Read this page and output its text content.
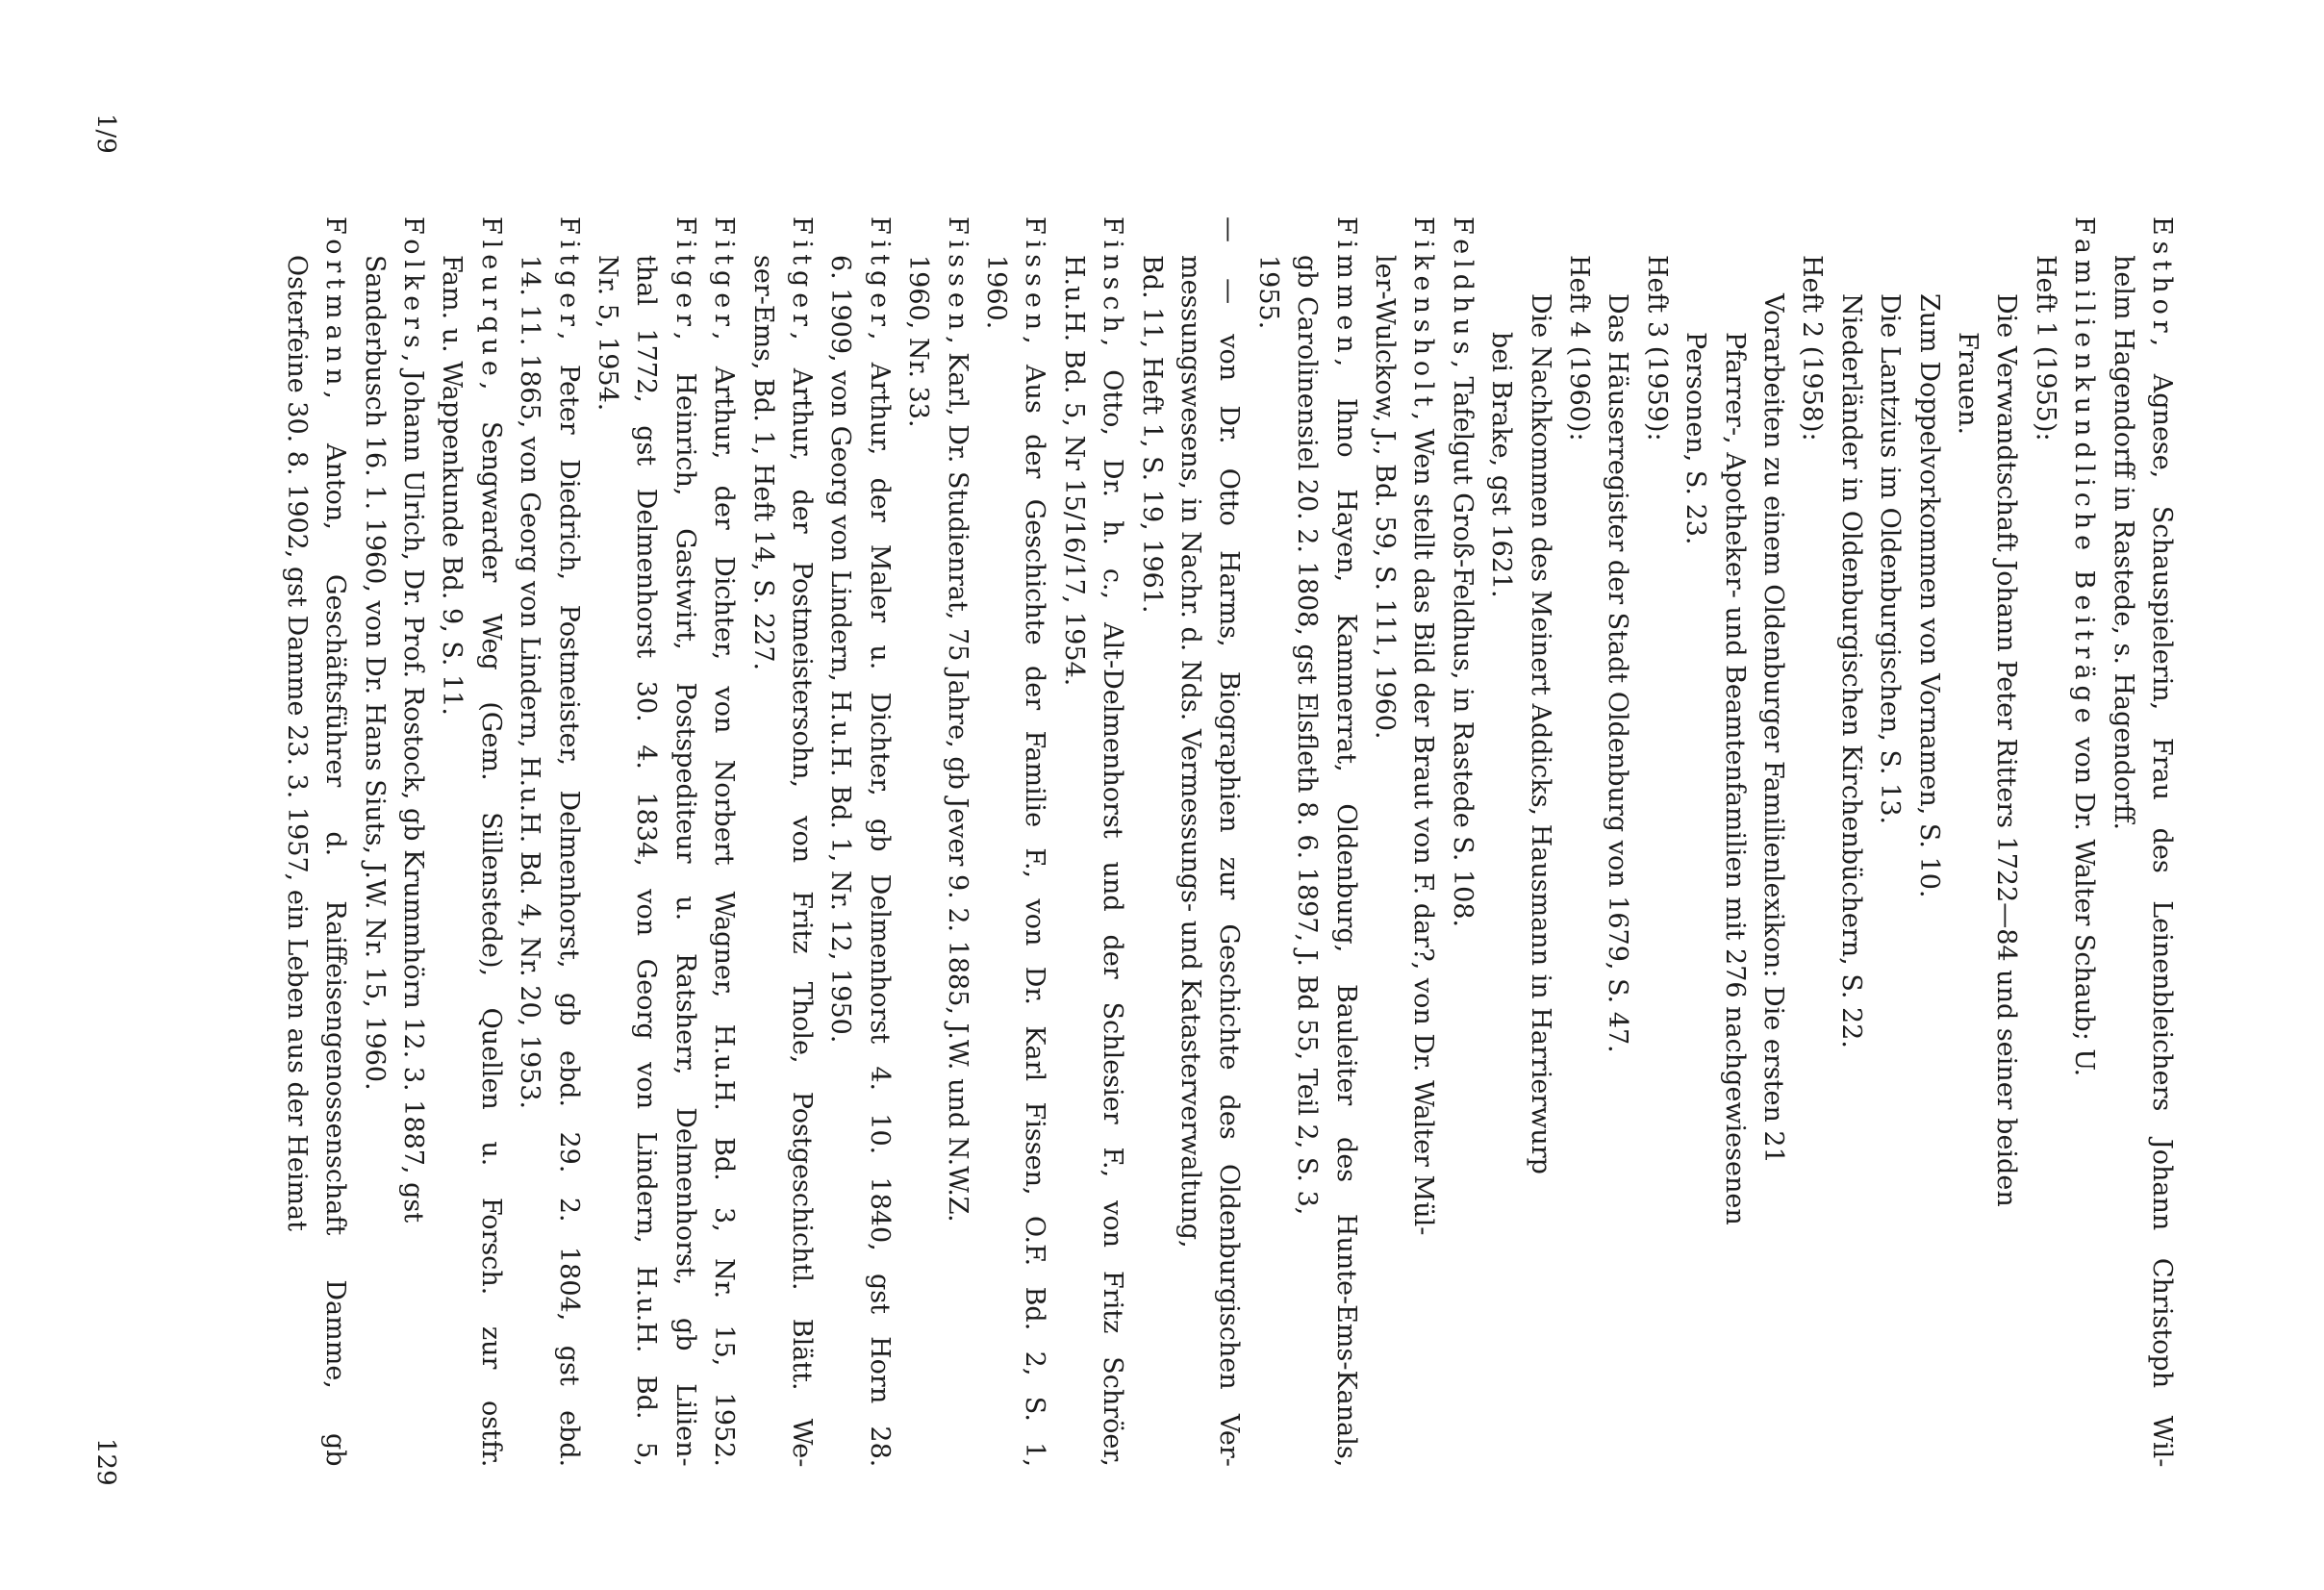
Esthor, Agnese, Schauspielerin, Frau des Leinenbleichers Johann Christoph Wil-
helm Hagendorff in Rastede, s. Hagendorff.
Familienkundliche Beiträge von Dr. Walter Schaub; U.
Heft 1 (1955):
Die Verwandtschaft Johann Peter Ritters 1722—84 und seiner beiden
Frauen.
Zum Doppelvorkommen von Vornamen, S. 10.
Die Lantzius im Oldenburgischen, S. 13.
Niederländer in Oldenburgischen Kirchenbüchern, S. 22.
Heft 2 (1958):
Vorarbeiten zu einem Oldenburger Familienlexikon: Die ersten 21
Pfarrer-, Apotheker- und Beamtenfamilien mit 276 nachgewiesenen
Personen, S. 23.
Heft 3 (1959):
Das Häuserregister der Stadt Oldenburg von 1679, S. 47.
Heft 4 (1960):
Die Nachkommen des Meinert Addicks, Hausmann in Harrierwurp
bei Brake, gst 1621.
Feldhus, Tafelgut Groß-Feldhus, in Rastede S. 108.
Fikensholt, Wen stellt das Bild der Braut von F. dar?, von Dr. Walter Mül-
ler-Wulckow, J., Bd. 59, S. 111, 1960.
Fimmen, Ihno Hayen, Kammerrat, Oldenburg, Bauleiter des Hunte-Ems-Kanals,
gb Carolinensiel 20. 2. 1808, gst Elsfleth 8. 6. 1897, J. Bd 55, Teil 2, S. 3,
1955.
— — von Dr. Otto Harms, Biographien zur Geschichte des Oldenburgischen Ver-
messungswesens, in Nachr. d. Nds. Vermessungs- und Katasterverwaltung,
Bd. 11, Heft 1, S. 19, 1961.
Finsch, Otto, Dr. h. c., Alt-Delmenhorst und der Schlesier F., von Fritz Schröer,
H.u.H. Bd. 5, Nr 15/16/17, 1954.
Fissen, Aus der Geschichte der Familie F., von Dr. Karl Fissen, O.F. Bd. 2, S. 1,
1960.
Fissen, Karl, Dr. Studienrat, 75 Jahre, gb Jever 9. 2. 1885, J.W. und N.W.Z.
1960, Nr. 33.
Fitger, Arthur, der Maler u. Dichter, gb Delmenhorst 4. 10. 1840, gst Horn 28.
6. 1909, von Georg von Lindern, H.u.H. Bd. 1, Nr. 12, 1950.
Fitger, Arthur, der Postmeistersohn, von Fritz Thole, Postgeschichtl. Blätt. We-
ser-Ems, Bd. 1, Heft 14, S. 227.
Fitger, Arthur, der Dichter, von Norbert Wagner, H.u.H. Bd. 3, Nr. 15, 1952.
Fitger, Heinrich, Gastwirt, Postspediteur u. Ratsherr, Delmenhorst, gb Lilien-
thal 1772, gst Delmenhorst 30. 4. 1834, von Georg von Lindern, H.u.H. Bd. 5,
Nr. 5, 1954.
Fitger, Peter Diedrich, Postmeister, Delmenhorst, gb ebd. 29. 2. 1804, gst ebd.
14. 11. 1865, von Georg von Lindern, H.u.H. Bd. 4, Nr. 20, 1953.
Fleurque, Sengwarder Weg (Gem. Sillenstede), Quellen u. Forsch. zur ostfr.
Fam. u. Wappenkunde Bd. 9, S. 11.
Folkers, Johann Ulrich, Dr. Prof. Rostock, gb Krummhörn 12. 3. 1887, gst
Sanderbusch 16. 1. 1960, von Dr. Hans Siuts, J.W. Nr. 15, 1960.
Fortmann, Anton, Geschäftsführer d. Raiffeisengenossenschaft Damme, gb
Osterfeine 30. 8. 1902, gst Damme 23. 3. 1957, ein Leben aus der Heimat
129
1/9
